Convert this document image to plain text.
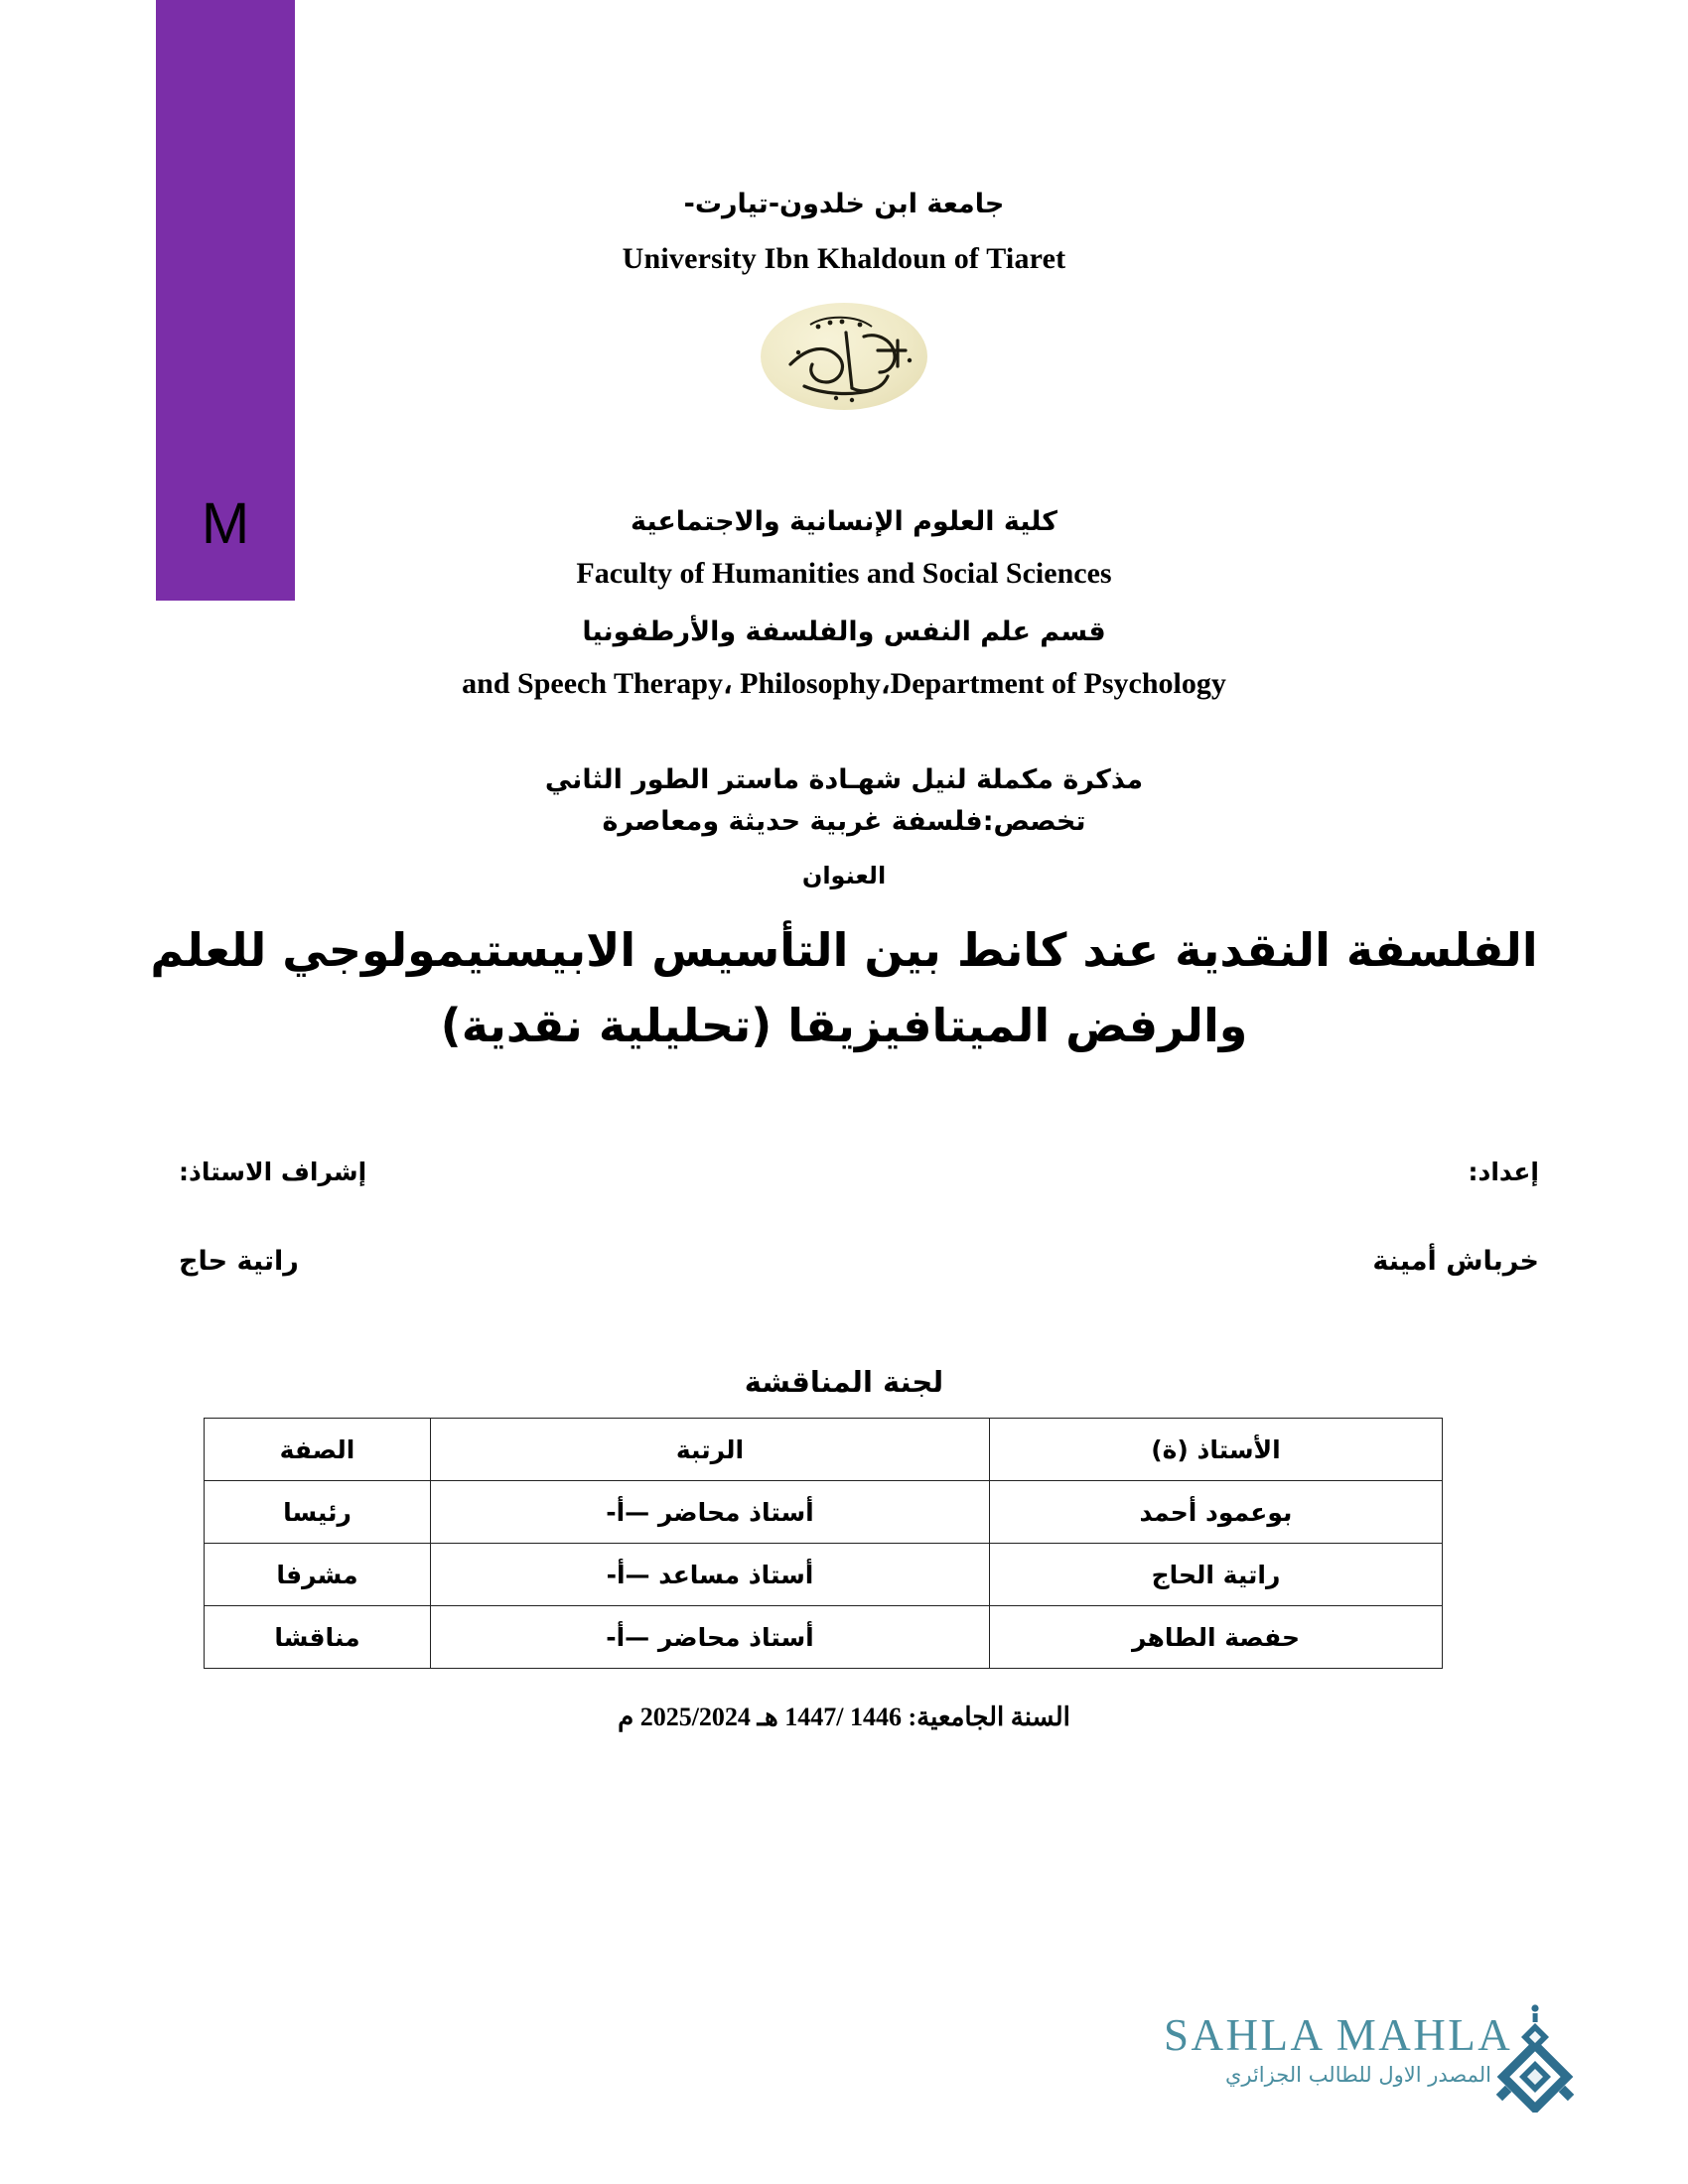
M
جامعة ابن خلدون-تيارت-
University Ibn Khaldoun of Tiaret
كلية العلوم الإنسانية والاجتماعية
Faculty of Humanities and Social Sciences
قسم علم النفس والفلسفة والأرطفونيا
and Speech Therapy، Philosophy،Department of Psychology
مذكرة مكملة لنيل شهـادة ماستر الطور الثاني
تخصص:فلسفة غربية حديثة ومعاصرة
العنوان
الفلسفة النقدية عند كانط بين التأسيس الابيستيمولوجي للعلم
والرفض الميتافيزيقا (تحليلية نقدية)
إعداد:
خرباش أمينة
إشراف الاستاذ:
راتية حاج
لجنة المناقشة
الأستاذ (ة)	الرتبة	الصفة
بوعمود أحمد	أستاذ محاضر —أ-	رئيسا
راتية الحاج	أستاذ مساعد —أ-	مشرفا
حفصة الطاهر	أستاذ محاضر —أ-	مناقشا
السنة الجامعية: 1446 /1447 هـ 2025/2024 م
SAHLA MAHLA
المصدر الاول للطالب الجزائري
